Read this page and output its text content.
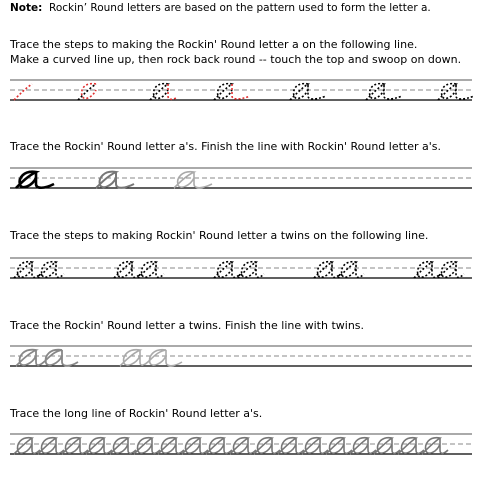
Note: Rockin’ Round letters are based on the pattern used to form the letter a.
Trace the steps to making the Rockin' Round letter a on the following line.
Make a curved line up, then rock back round -- touch the top and swoop on down.
Trace the Rockin' Round letter a's. Finish the line with Rockin' Round letter a's.
Trace the steps to making Rockin' Round letter a twins on the following line.
Trace the Rockin' Round letter a twins. Finish the line with twins.
Trace the long line of Rockin' Round letter a's.
